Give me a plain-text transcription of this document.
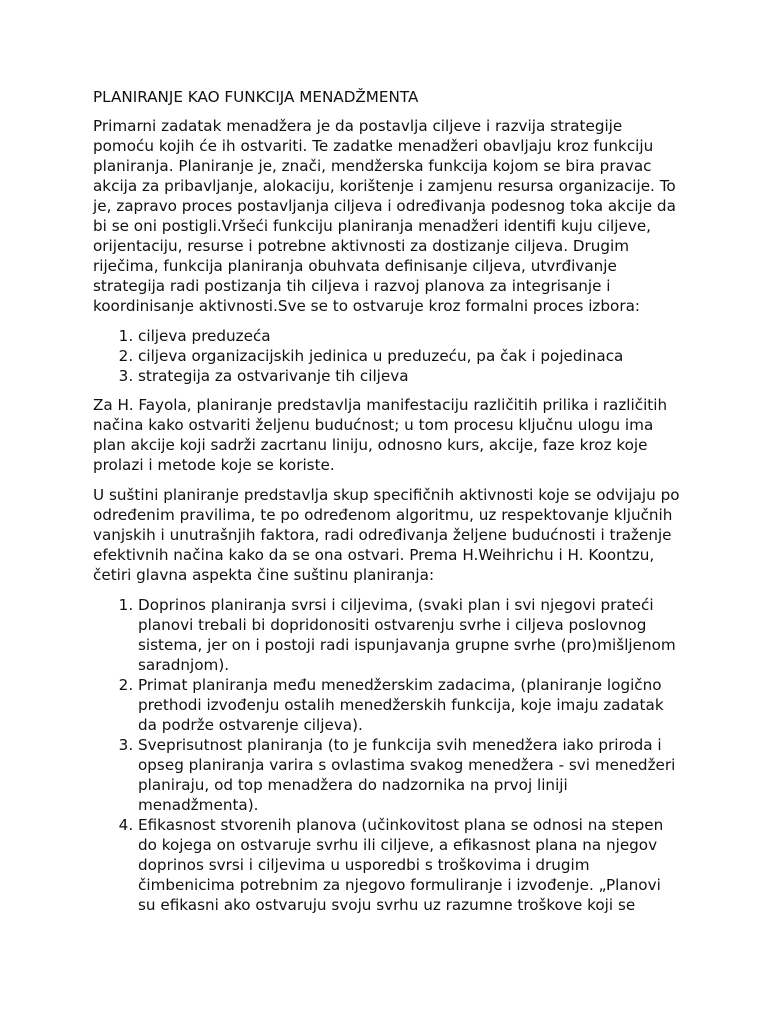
PLANIRANJE KAO FUNKCIJA MENADŽMENTA

Primarni zadatak menadžera je da postavlja ciljeve i razvija strategije pomoću kojih će ih ostvariti. Te zadatke menadžeri obavljaju kroz funkciju planiranja. Planiranje je, znači, mendžerska funkcija kojom se bira pravac akcija za pribavljanje, alokaciju, korištenje i zamjenu resursa organizacije. To je, zapravo proces postavljanja ciljeva i određivanja podesnog toka akcije da bi se oni postigli.Vršeći funkciju planiranja menadžeri identifi kuju ciljeve, orijentaciju, resurse i potrebne aktivnosti za dostizanje ciljeva. Drugim riječima, funkcija planiranja obuhvata definisanje ciljeva, utvrđivanje strategija radi postizanja tih ciljeva i razvoj planova za integrisanje i koordinisanje aktivnosti.Sve se to ostvaruje kroz formalni proces izbora:

1. ciljeva preduzeća
2. ciljeva organizacijskih jedinica u preduzeću, pa čak i pojedinaca
3. strategija za ostvarivanje tih ciljeva

Za H. Fayola, planiranje predstavlja manifestaciju različitih prilika i različitih načina kako ostvariti željenu budućnost; u tom procesu ključnu ulogu ima plan akcije koji sadrži zacrtanu liniju, odnosno kurs, akcije, faze kroz koje prolazi i metode koje se koriste.

U suštini planiranje predstavlja skup specifičnih aktivnosti koje se odvijaju po određenim pravilima, te po određenom algoritmu, uz respektovanje ključnih vanjskih i unutrašnjih faktora, radi određivanja željene budućnosti i traženje efektivnih načina kako da se ona ostvari. Prema H.Weihrichu i H. Koontzu, četiri glavna aspekta čine suštinu planiranja:

1. Doprinos planiranja svrsi i ciljevima, (svaki plan i svi njegovi prateći planovi trebali bi dopridonositi ostvarenju svrhe i ciljeva poslovnog sistema, jer on i postoji radi ispunjavanja grupne svrhe (pro)mišljenom saradnjom).
2. Primat planiranja među menedžerskim zadacima, (planiranje logično prethodi izvođenju ostalih menedžerskih funkcija, koje imaju zadatak da podrže ostvarenje ciljeva).
3. Sveprisutnost planiranja (to je funkcija svih menedžera iako priroda i opseg planiranja varira s ovlastima svakog menedžera - svi menedžeri planiraju, od top menadžera do nadzornika na prvoj liniji menadžmenta).
4. Efikasnost stvorenih planova (učinkovitost plana se odnosi na stepen do kojega on ostvaruje svrhu ili ciljeve, a efikasnost plana na njegov doprinos svrsi i ciljevima u usporedbi s troškovima i drugim čimbenicima potrebnim za njegovo formuliranje i izvođenje. „Planovi su efikasni ako ostvaruju svoju svrhu uz razumne troškove koji se
